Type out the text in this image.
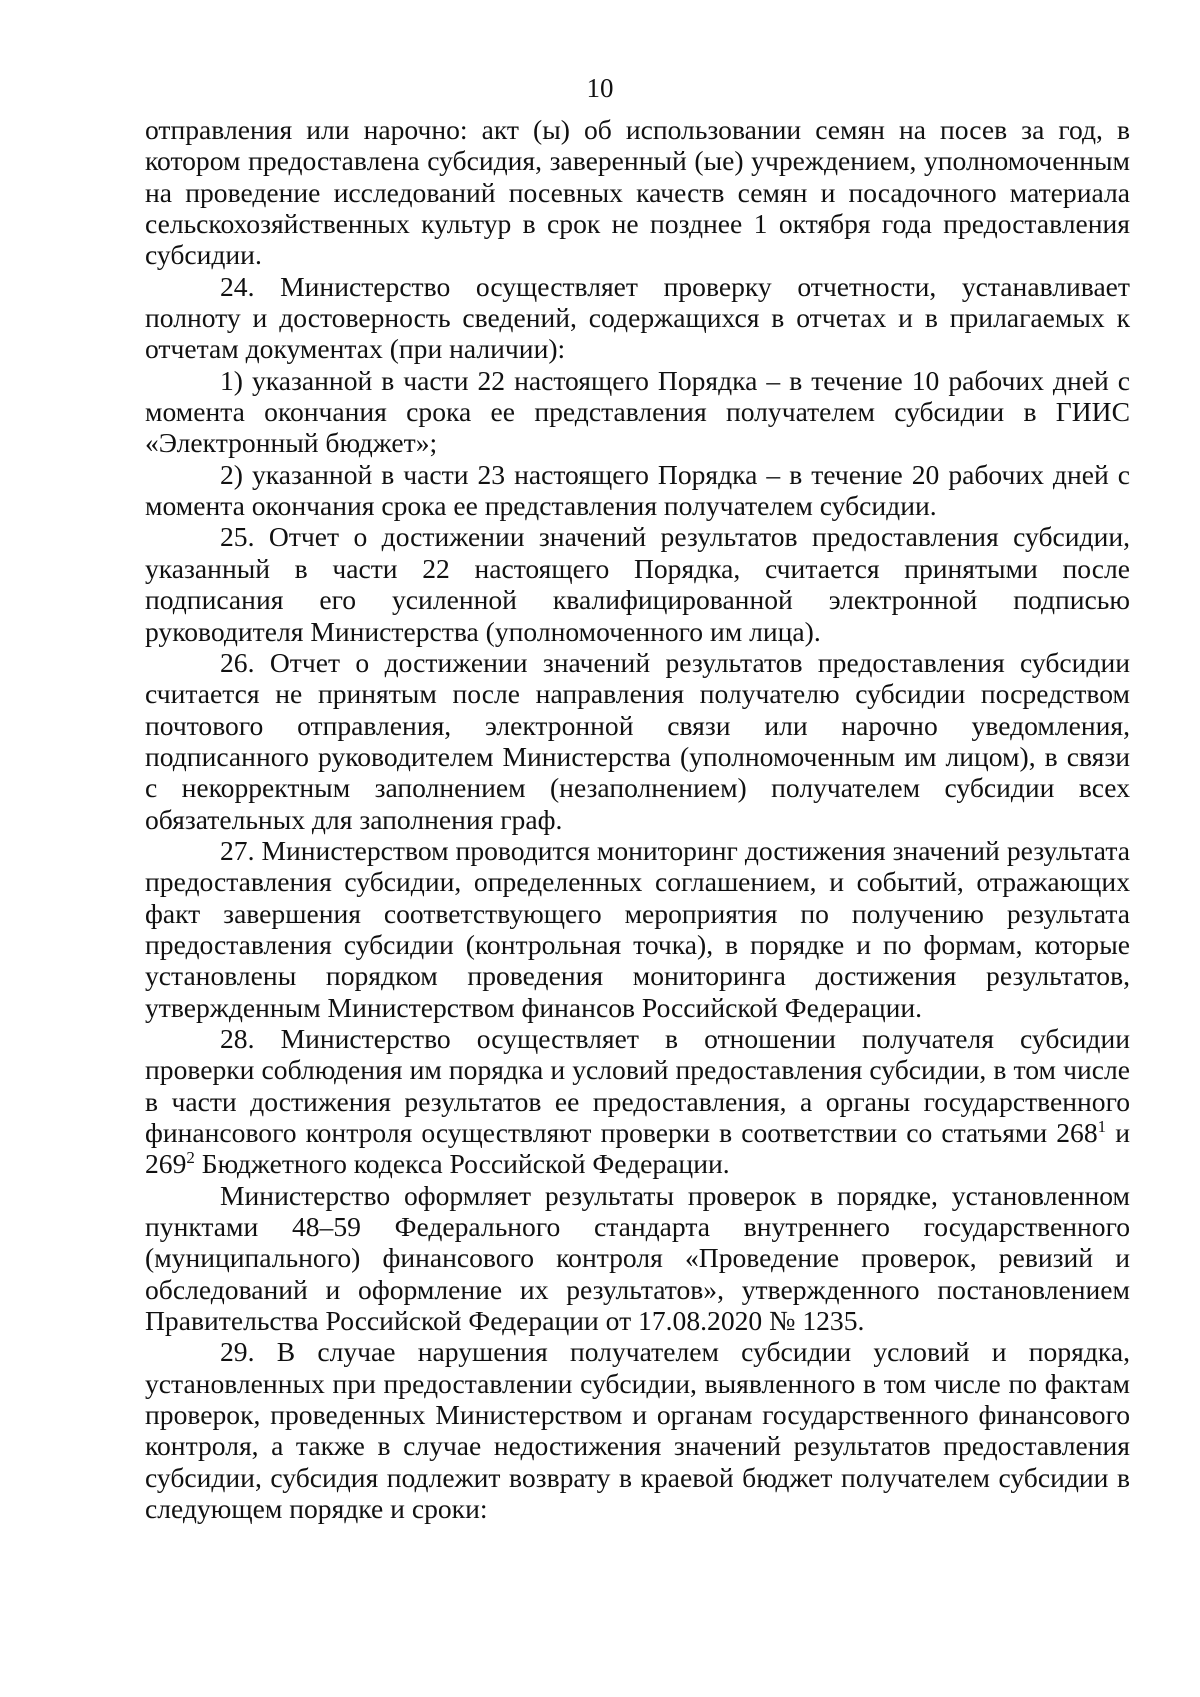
10

отправления или нарочно: акт (ы) об использовании семян на посев за год, в котором предоставлена субсидия, заверенный (ые) учреждением, уполномоченным на проведение исследований посевных качеств семян и посадочного материала сельскохозяйственных культур в срок не позднее 1 октября года предоставления субсидии.

24. Министерство осуществляет проверку отчетности, устанавливает полноту и достоверность сведений, содержащихся в отчетах и в прилагаемых к отчетам документах (при наличии):

1) указанной в части 22 настоящего Порядка – в течение 10 рабочих дней с момента окончания срока ее представления получателем субсидии в ГИИС «Электронный бюджет»;

2) указанной в части 23 настоящего Порядка – в течение 20 рабочих дней с момента окончания срока ее представления получателем субсидии.

25. Отчет о достижении значений результатов предоставления субсидии, указанный в части 22 настоящего Порядка, считается принятыми после подписания его усиленной квалифицированной электронной подписью руководителя Министерства (уполномоченного им лица).

26. Отчет о достижении значений результатов предоставления субсидии считается не принятым после направления получателю субсидии посредством почтового отправления, электронной связи или нарочно уведомления, подписанного руководителем Министерства (уполномоченным им лицом), в связи с некорректным заполнением (незаполнением) получателем субсидии всех обязательных для заполнения граф.

27. Министерством проводится мониторинг достижения значений результата предоставления субсидии, определенных соглашением, и событий, отражающих факт завершения соответствующего мероприятия по получению результата предоставления субсидии (контрольная точка), в порядке и по формам, которые установлены порядком проведения мониторинга достижения результатов, утвержденным Министерством финансов Российской Федерации.

28. Министерство осуществляет в отношении получателя субсидии проверки соблюдения им порядка и условий предоставления субсидии, в том числе в части достижения результатов ее предоставления, а органы государственного финансового контроля осуществляют проверки в соответствии со статьями $268^1$ и $269^2$ Бюджетного кодекса Российской Федерации.

Министерство оформляет результаты проверок в порядке, установленном пунктами 48–59 Федерального стандарта внутреннего государственного (муниципального) финансового контроля «Проведение проверок, ревизий и обследований и оформление их результатов», утвержденного постановлением Правительства Российской Федерации от 17.08.2020 № 1235.

29. В случае нарушения получателем субсидии условий и порядка, установленных при предоставлении субсидии, выявленного в том числе по фактам проверок, проведенных Министерством и органам государственного финансового контроля, а также в случае недостижения значений результатов предоставления субсидии, субсидия подлежит возврату в краевой бюджет получателем субсидии в следующем порядке и сроки:
